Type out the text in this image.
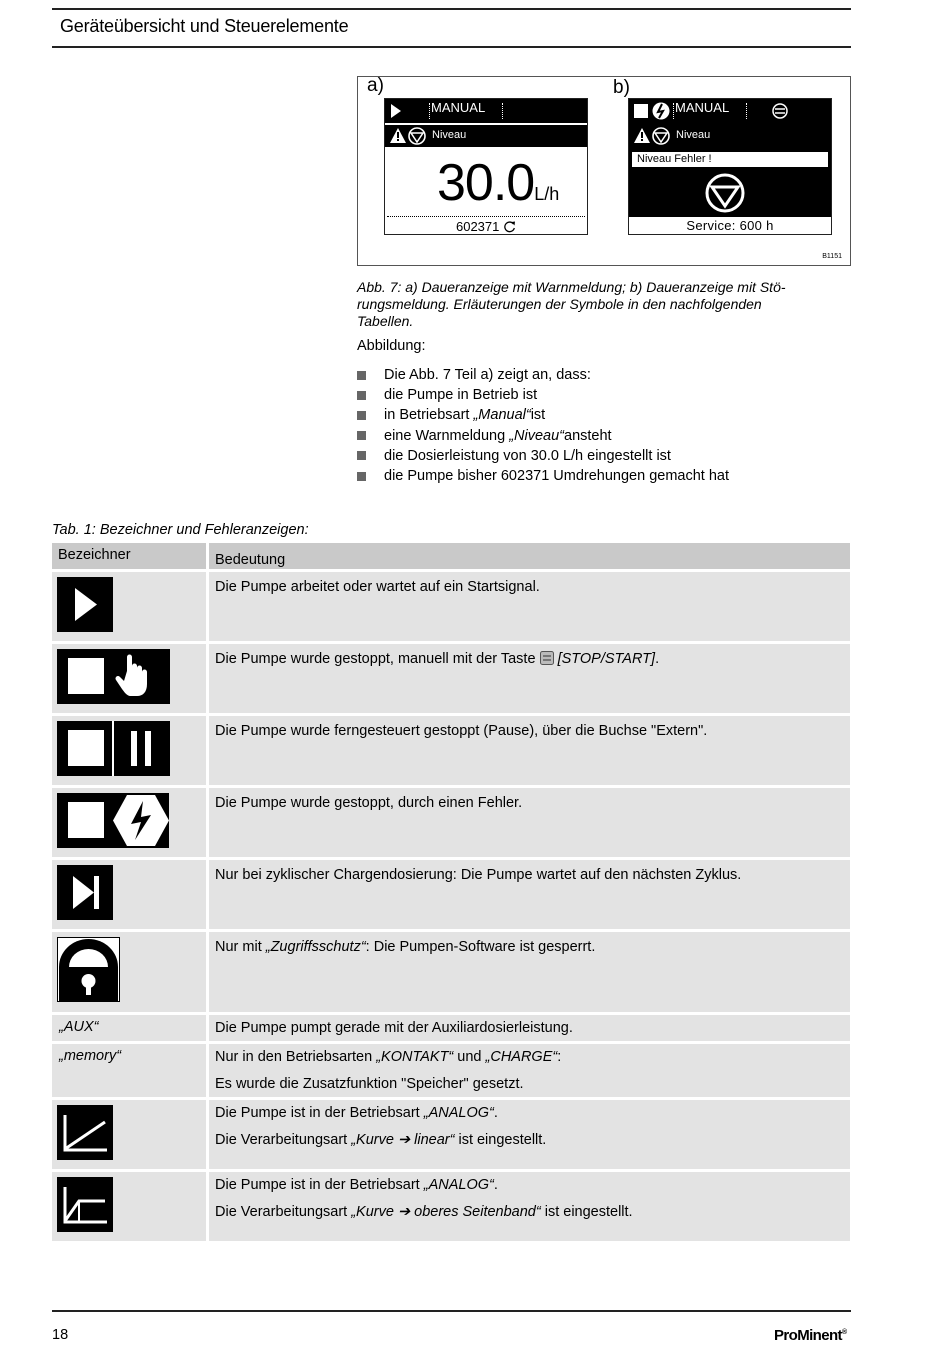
Geräteübersicht und Steuerelemente
a)	b)
MANUAL
Niveau
30.0L/h
602371
MANUAL
Niveau
Niveau Fehler !
Service: 600 h
B1151
Abb. 7: a) Daueranzeige mit Warnmeldung; b) Daueranzeige mit Stö-
rungsmeldung. Erläuterungen der Symbole in den nachfolgenden
Tabellen.
Abbildung:
Die Abb. 7 Teil a) zeigt an, dass:
die Pumpe in Betrieb ist
in Betriebsart
„Manual“ ist
eine Warnmeldung
„Niveau“ ansteht
die Dosierleistung von 30.0 L/h eingestellt ist
die Pumpe bisher 602371 Umdrehungen gemacht hat
Tab. 1: Bezeichner und Fehleranzeigen:
Bezeichner	Bedeutung
Die Pumpe arbeitet oder wartet auf ein Startsignal.
Die Pumpe wurde gestoppt, manuell mit der Taste  [STOP/START].
Die Pumpe wurde ferngesteuert gestoppt (Pause), über die Buchse "Extern".
Die Pumpe wurde gestoppt, durch einen Fehler.
Nur bei zyklischer Chargendosierung: Die Pumpe wartet auf den nächsten Zyklus.
Nur mit „Zugriffsschutz“: Die Pumpen-Software ist gesperrt.
„AUX“	Die Pumpe pumpt gerade mit der Auxiliardosierleistung.
„memory“	Nur in den Betriebsarten „KONTAKT“ und „CHARGE“:
Es wurde die Zusatzfunktion "Speicher" gesetzt.
Die Pumpe ist in der Betriebsart „ANALOG“.
Die Verarbeitungsart „Kurve ➔ linear“ ist eingestellt.
Die Pumpe ist in der Betriebsart „ANALOG“.
Die Verarbeitungsart „Kurve ➔ oberes Seitenband“ ist eingestellt.
18	ProMinent®
